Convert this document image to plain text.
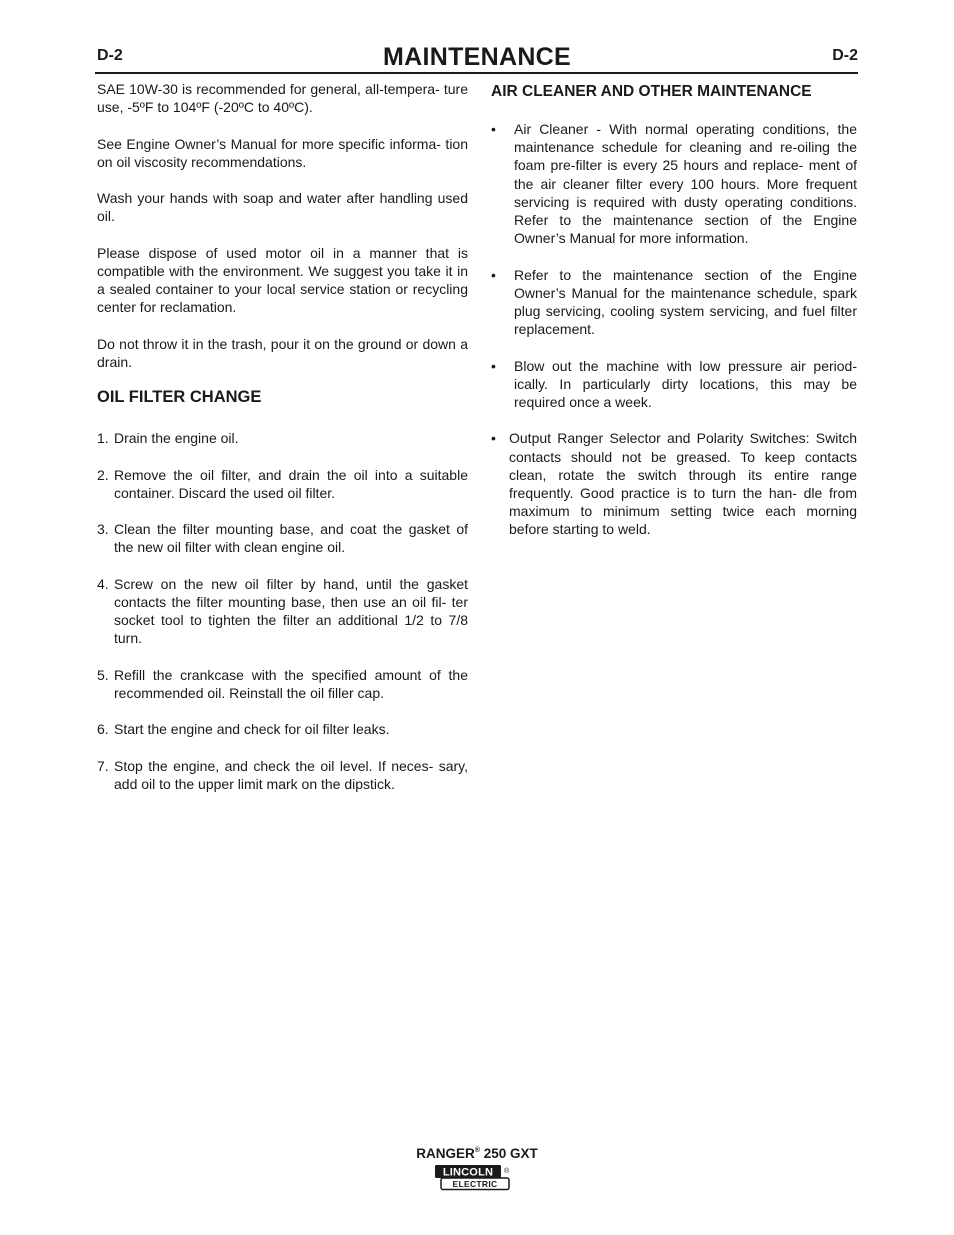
D-2	MAINTENANCE	D-2

SAE 10W-30 is recommended for general, all-tempera- ture use, -5ºF to 104ºF (-20ºC to 40ºC).

See Engine Owner’s Manual for more specific informa- tion on oil viscosity recommendations.

Wash your hands with soap and water after handling used oil.

Please dispose of used motor oil in a manner that is compatible with the environment. We suggest you take it in a sealed container to your local service station or recycling center for reclamation.

Do not throw it in the trash, pour it on the ground or down a drain.

OIL FILTER CHANGE
1. Drain the engine oil.
2. Remove the oil filter, and drain the oil into a suitable container. Discard the used oil filter.
3. Clean the filter mounting base, and coat the gasket of the new oil filter with clean engine oil.
4. Screw on the new oil filter by hand, until the gasket contacts the filter mounting base, then use an oil fil- ter socket tool to tighten the filter an additional 1/2 to 7/8 turn.
5. Refill the crankcase with the specified amount of the recommended oil. Reinstall the oil filler cap.
6. Start the engine and check for oil filter leaks.
7. Stop the engine, and check the oil level. If neces- sary, add oil to the upper limit mark on the dipstick.
AIR CLEANER AND OTHER MAINTENANCE
•	Air Cleaner - With normal operating conditions, the maintenance schedule for cleaning and re-oiling the foam pre-filter is every 25 hours and replace- ment of the air cleaner filter every 100 hours. More frequent servicing is required with dusty operating conditions. Refer to the maintenance section of the Engine Owner’s Manual for more information.
•	Refer to the maintenance section of the Engine Owner’s Manual for the maintenance schedule, spark plug servicing, cooling system servicing, and fuel filter replacement.
•	Blow out the machine with low pressure air period- ically. In particularly dirty locations, this may be required once a week.
• Output Ranger Selector and Polarity Switches: Switch contacts should not be greased. To keep contacts clean, rotate the switch through its entire range frequently. Good practice is to turn the han- dle from maximum to minimum setting twice each morning before starting to weld.
RANGER® 250 GXT
LINCOLN ®
ELECTRIC
